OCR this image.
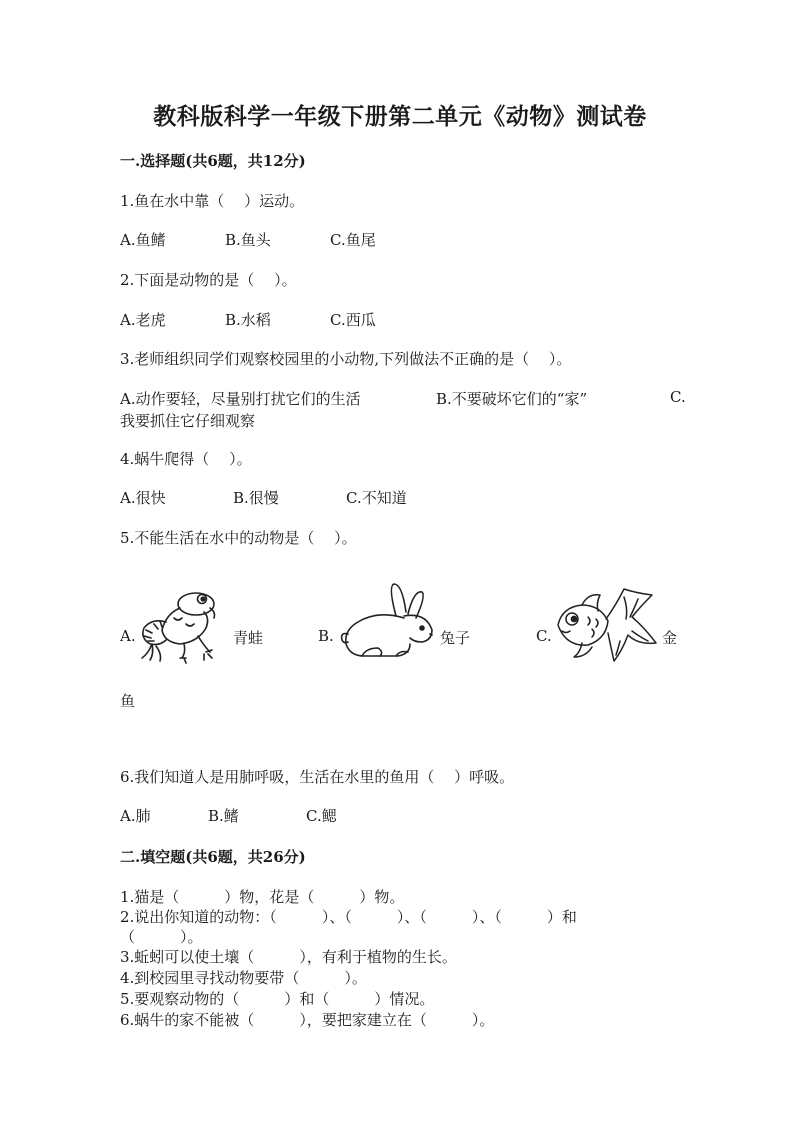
教科版科学一年级下册第二单元《动物》测试卷
一.选择题(共6题，共12分)
1.鱼在水中靠（　 ）运动。
A.鱼鳍	B.鱼头	C.鱼尾
2.下面是动物的是（　 ）。
A.老虎	B.水稻	C.西瓜
3.老师组织同学们观察校园里的小动物,下列做法不正确的是（　 ）。
A.动作要轻，尽量别打扰它们的生活	B.不要破坏它们的“家”	C.
我要抓住它仔细观察
4.蜗牛爬得（　 ）。
A.很快	B.很慢	C.不知道
5.不能生活在水中的动物是（　 ）。
A.	青蛙	B.	兔子	C.	金
鱼
6.我们知道人是用肺呼吸，生活在水里的鱼用（　 ）呼吸。
A.肺	B.鳍	C.鳃
二.填空题(共6题，共26分)
1.猫是（　　　）物，花是（　　　）物。
2.说出你知道的动物：（　　　）、（　　　）、（　　　）、（　　　）和
（　　　）。
3.蚯蚓可以使土壤（　　　），有利于植物的生长。
4.到校园里寻找动物要带（　　　）。
5.要观察动物的（　　　）和（　　　）情况。
6.蜗牛的家不能被（　　　），要把家建立在（　　　）。
